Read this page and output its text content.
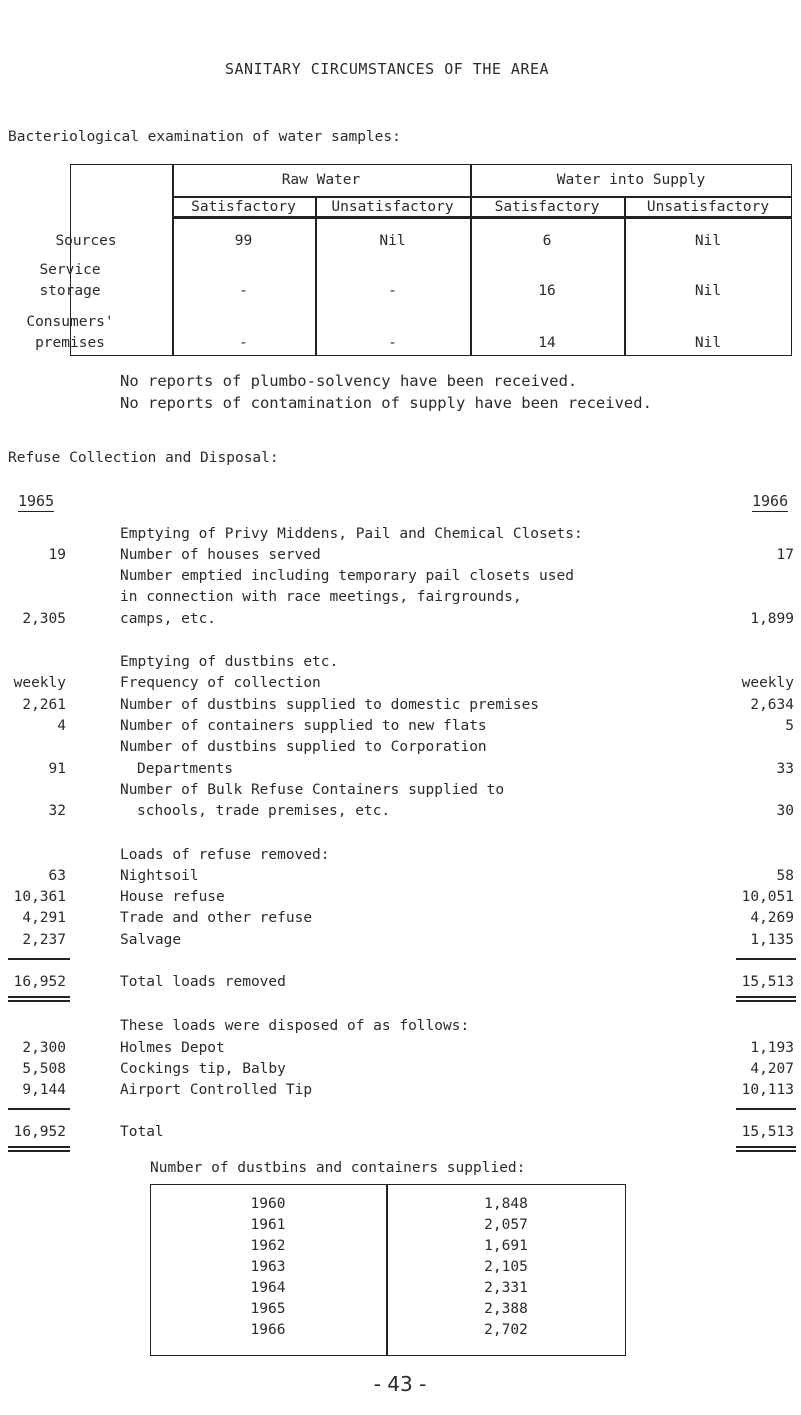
SANITARY CIRCUMSTANCES OF THE AREA
Bacteriological examination of water samples:
Raw Water	Water into Supply
Satisfactory	Unsatisfactory	Satisfactory	Unsatisfactory
Sources	99	Nil	6	Nil
Service
storage	-	-	16	Nil
Consumers'
premises	-	-	14	Nil
No reports of plumbo-solvency have been received.
No reports of contamination of supply have been received.
Refuse Collection and Disposal:
1965	1966
Emptying of Privy Middens, Pail and Chemical Closets:
19	Number of houses served	17
Number emptied including temporary pail closets used
in connection with race meetings, fairgrounds,
2,305	camps, etc.	1,899
Emptying of dustbins etc.
weekly	Frequency of collection	weekly
2,261	Number of dustbins supplied to domestic premises	2,634
4	Number of containers supplied to new flats	5
Number of dustbins supplied to Corporation
91	Departments	33
Number of Bulk Refuse Containers supplied to
32	schools, trade premises, etc.	30
Loads of refuse removed:
63	Nightsoil	58
10,361	House refuse	10,051
4,291	Trade and other refuse	4,269
2,237	Salvage	1,135
16,952	Total loads removed	15,513
These loads were disposed of as follows:
2,300	Holmes Depot	1,193
5,508	Cockings tip, Balby	4,207
9,144	Airport Controlled Tip	10,113
16,952	Total	15,513
Number of dustbins and containers supplied:
1960	1,848
1961	2,057
1962	1,691
1963	2,105
1964	2,331
1965	2,388
1966	2,702
- 43 -
